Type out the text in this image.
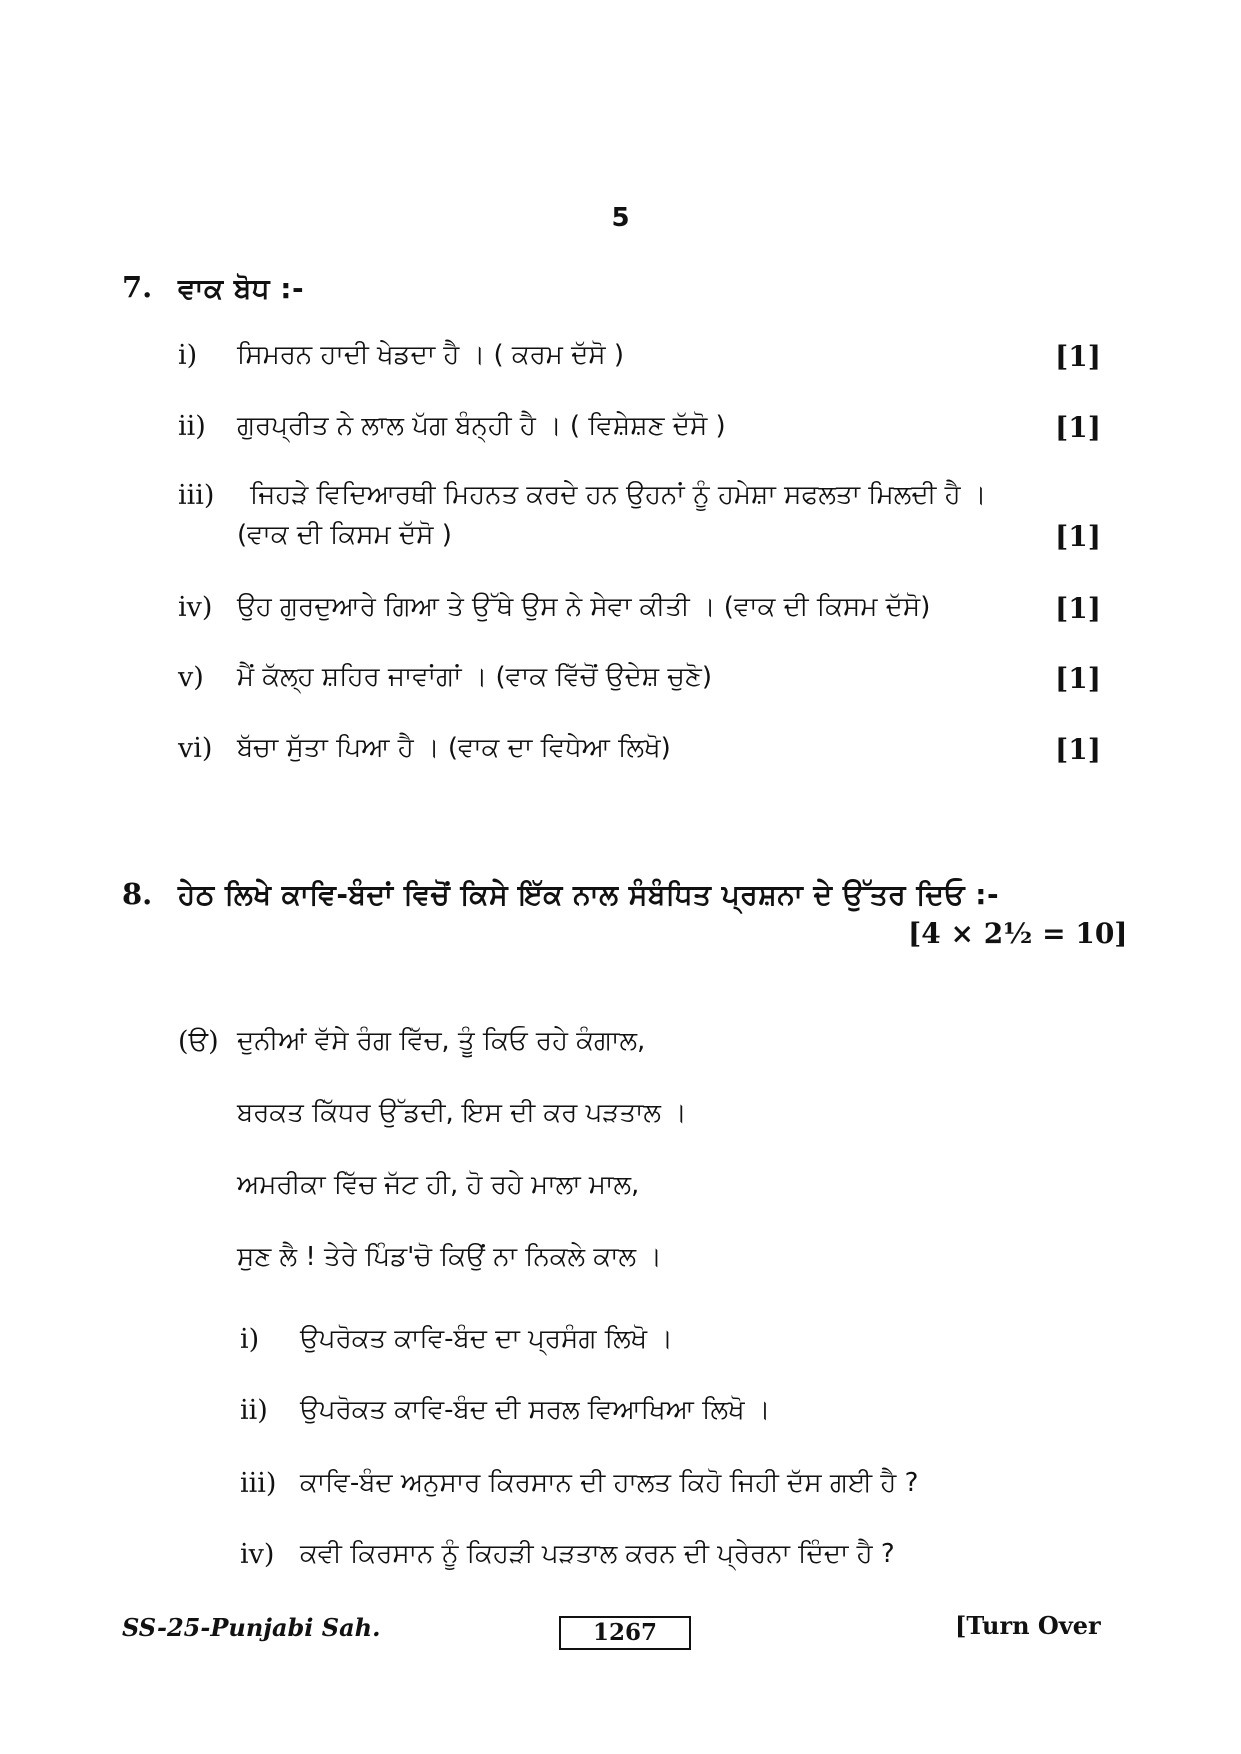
5
7. ਵਾਕ ਬੋਧ :-
i) ਸਿਮਰਨ ਹਾਦੀ ਖੇਡਦਾ ਹੈ । ( ਕਰਮ ਦੱਸੋ )	[1]
ii) ਗੁਰਪ੍ਰੀਤ ਨੇ ਲਾਲ ਪੱਗ ਬੰਨ੍ਹੀ ਹੈ । ( ਵਿਸ਼ੇਸ਼ਣ ਦੱਸੋ )	[1]
iii) ਜਿਹੜੇ ਵਿਦਿਆਰਥੀ ਮਿਹਨਤ ਕਰਦੇ ਹਨ ਉਹਨਾਂ ਨੂੰ ਹਮੇਸ਼ਾ ਸਫਲਤਾ ਮਿਲਦੀ ਹੈ ।
(ਵਾਕ ਦੀ ਕਿਸਮ ਦੱਸੋ )	[1]
iv) ਉਹ ਗੁਰਦੁਆਰੇ ਗਿਆ ਤੇ ਉੱਥੇ ਉਸ ਨੇ ਸੇਵਾ ਕੀਤੀ । (ਵਾਕ ਦੀ ਕਿਸਮ ਦੱਸੋ)	[1]
v) ਮੈਂ ਕੱਲ੍ਹ ਸ਼ਹਿਰ ਜਾਵਾਂਗਾਂ । (ਵਾਕ ਵਿੱਚੋਂ ਉਦੇਸ਼ ਚੁਣੋ)	[1]
vi) ਬੱਚਾ ਸੁੱਤਾ ਪਿਆ ਹੈ । (ਵਾਕ ਦਾ ਵਿਧੇਆ ਲਿਖੋ)	[1]
8. ਹੇਠ ਲਿਖੇ ਕਾਵਿ-ਬੰਦਾਂ ਵਿਚੋਂ ਕਿਸੇ ਇੱਕ ਨਾਲ ਸੰਬੰਧਿਤ ਪ੍ਰਸ਼ਨਾ ਦੇ ਉੱਤਰ ਦਿਓ :-
[4 × 2½ = 10]
(ੳ) ਦੁਨੀਆਂ ਵੱਸੇ ਰੰਗ ਵਿੱਚ, ਤੂੰ ਕਿਓ ਰਹੇ ਕੰਗਾਲ,
ਬਰਕਤ ਕਿੱਧਰ ਉੱਡਦੀ, ਇਸ ਦੀ ਕਰ ਪੜਤਾਲ ।
ਅਮਰੀਕਾ ਵਿੱਚ ਜੱਟ ਹੀ, ਹੋ ਰਹੇ ਮਾਲਾ ਮਾਲ,
ਸੁਣ ਲੈ ! ਤੇਰੇ ਪਿੰਡ'ਚੋ ਕਿਉਂ ਨਾ ਨਿਕਲੇ ਕਾਲ ।
i) ਉਪਰੋਕਤ ਕਾਵਿ-ਬੰਦ ਦਾ ਪ੍ਰਸੰਗ ਲਿਖੋ ।
ii) ਉਪਰੋਕਤ ਕਾਵਿ-ਬੰਦ ਦੀ ਸਰਲ ਵਿਆਖਿਆ ਲਿਖੋ ।
iii) ਕਾਵਿ-ਬੰਦ ਅਨੁਸਾਰ ਕਿਰਸਾਨ ਦੀ ਹਾਲਤ ਕਿਹੋ ਜਿਹੀ ਦੱਸ ਗਈ ਹੈ ?
iv) ਕਵੀ ਕਿਰਸਾਨ ਨੂੰ ਕਿਹੜੀ ਪੜਤਾਲ ਕਰਨ ਦੀ ਪ੍ਰੇਰਨਾ ਦਿੰਦਾ ਹੈ ?
SS-25-Punjabi Sah.	1267	[Turn Over
